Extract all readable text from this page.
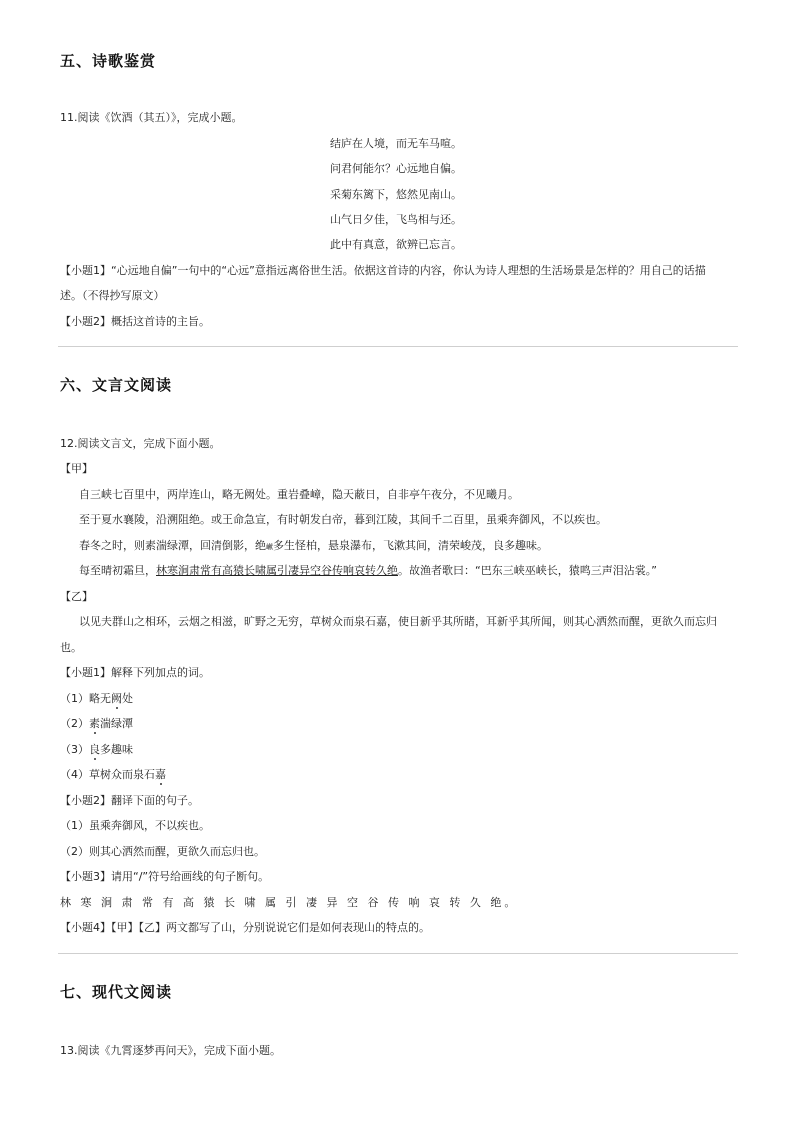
五、诗歌鉴赏
11.阅读《饮酒（其五）》，完成小题。
结庐在人境，而无车马喧。
问君何能尔？心远地自偏。
采菊东篱下，悠然见南山。
山气日夕佳，飞鸟相与还。
此中有真意，欲辨已忘言。
【小题1】“心远地自偏”一句中的“心远”意指远离俗世生活。依据这首诗的内容，你认为诗人理想的生活场景是怎样的？用自己的话描
述。（不得抄写原文）
【小题2】概括这首诗的主旨。
六、文言文阅读
12.阅读文言文，完成下面小题。
【甲】
自三峡七百里中，两岸连山，略无阙处。重岩叠嶂，隐天蔽日，自非亭午夜分，不见曦月。
至于夏水襄陵，沿溯阻绝。或王命急宣，有时朝发白帝，暮到江陵，其间千二百里，虽乘奔御风，不以疾也。
春冬之时，则素湍绿潭，回清倒影，绝𪩘多生怪柏，悬泉瀑布，飞漱其间，清荣峻茂，良多趣味。
每至晴初霜旦，林寒涧肃常有高猿长啸属引凄异空谷传响哀转久绝。故渔者歌曰：“巴东三峡巫峡长，猿鸣三声泪沾裳。”
【乙】
以见夫群山之相环，云烟之相滋，旷野之无穷，草树众而泉石嘉，使目新乎其所睹，耳新乎其所闻，则其心洒然而醒，更欲久而忘归
也。
【小题1】解释下列加点的词。
（1）略无阙处
（2）素湍绿潭
（3）良多趣味
（4）草树众而泉石嘉
【小题2】翻译下面的句子。
（1）虽乘奔御风，不以疾也。
（2）则其心洒然而醒，更欲久而忘归也。
【小题3】请用“/”符号给画线的句子断句。
林 寒 涧 肃 常 有 高 猿 长 啸 属 引 凄 异 空 谷 传 响 哀 转 久 绝。
【小题4】【甲】【乙】两文都写了山，分别说说它们是如何表现山的特点的。
七、现代文阅读
13.阅读《九霄逐梦再问天》，完成下面小题。
